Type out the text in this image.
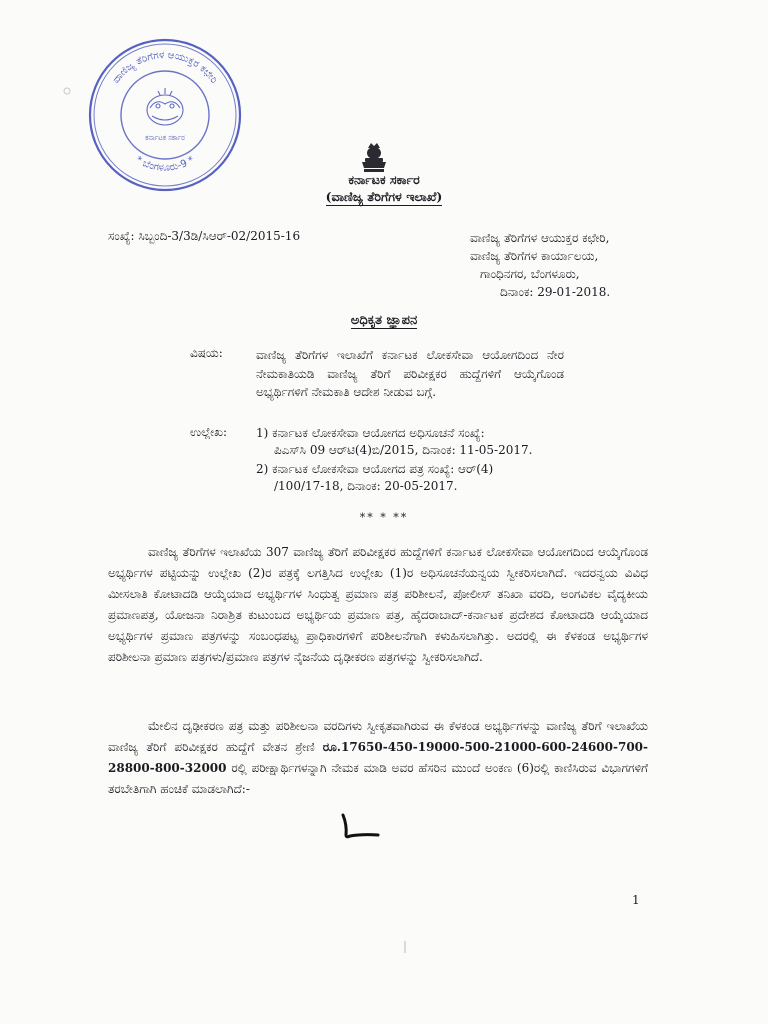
ವಾಣಿಜ್ಯ ತೆರಿಗೆಗಳ ಆಯುಕ್ತರ ಕಛೇರಿ
* ಬೆಂಗಳೂರು-9 *
ಕರ್ನಾಟಕ ಸರ್ಕಾರ
ಕರ್ನಾಟಕ ಸರ್ಕಾರ
(ವಾಣಿಜ್ಯ ತೆರಿಗೆಗಳ ಇಲಾಖೆ)
ಸಂಖ್ಯೆ: ಸಿಬ್ಬಂದಿ-3/3ಡಿ/ಸಿಆರ್-02/2015-16	ವಾಣಿಜ್ಯ ತೆರಿಗೆಗಳ ಆಯುಕ್ತರ ಕಛೇರಿ,
ವಾಣಿಜ್ಯ ತೆರಿಗೆಗಳ ಕಾರ್ಯಾಲಯ,
ಗಾಂಧಿನಗರ, ಬೆಂಗಳೂರು,
ದಿನಾಂಕ: 29-01-2018.
ಅಧಿಕೃತ ಜ್ಞಾಪನ
ವಿಷಯ:	ವಾಣಿಜ್ಯ ತೆರಿಗೆಗಳ ಇಲಾಖೆಗೆ ಕರ್ನಾಟಕ ಲೋಕಸೇವಾ ಆಯೋಗದಿಂದ ನೇರ ನೇಮಕಾತಿಯಡಿ ವಾಣಿಜ್ಯ ತೆರಿಗೆ ಪರಿವೀಕ್ಷಕರ ಹುದ್ದೆಗಳಿಗೆ ಆಯ್ಕೆಗೊಂಡ ಅಭ್ಯರ್ಥಿಗಳಿಗೆ ನೇಮಕಾತಿ ಆದೇಶ ನೀಡುವ ಬಗ್ಗೆ.
ಉಲ್ಲೇಖ: 1) ಕರ್ನಾಟಕ ಲೋಕಸೇವಾ ಆಯೋಗದ ಅಧಿಸೂಚನೆ ಸಂಖ್ಯೆ:
ಪಿಎಸ್‌ಸಿ 09 ಆರ್‌ಟಿ(4)ಬಿ/2015, ದಿನಾಂಕ: 11-05-2017.
2) ಕರ್ನಾಟಕ ಲೋಕಸೇವಾ ಆಯೋಗದ ಪತ್ರ ಸಂಖ್ಯೆ: ಆರ್(4)
/100/17-18, ದಿನಾಂಕ: 20-05-2017.
** * **
ವಾಣಿಜ್ಯ ತೆರಿಗೆಗಳ ಇಲಾಖೆಯ 307 ವಾಣಿಜ್ಯ ತೆರಿಗೆ ಪರಿವೀಕ್ಷಕರ ಹುದ್ದೆಗಳಿಗೆ ಕರ್ನಾಟಕ ಲೋಕಸೇವಾ ಆಯೋಗದಿಂದ ಆಯ್ಕೆಗೊಂಡ ಅಭ್ಯರ್ಥಿಗಳ ಪಟ್ಟಿಯನ್ನು ಉಲ್ಲೇಖ (2)ರ ಪತ್ರಕ್ಕೆ ಲಗತ್ತಿಸಿದ ಉಲ್ಲೇಖ (1)ರ ಅಧಿಸೂಚನೆಯನ್ವಯ ಸ್ವೀಕರಿಸಲಾಗಿದೆ. ಇದರನ್ವಯ ವಿವಿಧ ಮೀಸಲಾತಿ ಕೋಟಾದಡಿ ಆಯ್ಕೆಯಾದ ಅಭ್ಯರ್ಥಿಗಳ ಸಿಂಧುತ್ವ ಪ್ರಮಾಣ ಪತ್ರ ಪರಿಶೀಲನೆ, ಪೋಲೀಸ್ ತನಿಖಾ ವರದಿ, ಅಂಗವಿಕಲ ವೈದ್ಯಕೀಯ ಪ್ರಮಾಣಪತ್ರ, ಯೋಜನಾ ನಿರಾಶ್ರಿತ ಕುಟುಂಬದ ಅಭ್ಯರ್ಥಿಯ ಪ್ರಮಾಣ ಪತ್ರ, ಹೈದರಾಬಾದ್-ಕರ್ನಾಟಕ ಪ್ರದೇಶದ ಕೋಟಾದಡಿ ಆಯ್ಕೆಯಾದ ಅಭ್ಯರ್ಥಿಗಳ ಪ್ರಮಾಣ ಪತ್ರಗಳನ್ನು ಸಂಬಂಧಪಟ್ಟ ಪ್ರಾಧಿಕಾರಗಳಿಗೆ ಪರಿಶೀಲನೆಗಾಗಿ ಕಳುಹಿಸಲಾಗಿತ್ತು. ಅದರಲ್ಲಿ ಈ ಕೆಳಕಂಡ ಅಭ್ಯರ್ಥಿಗಳ ಪರಿಶೀಲನಾ ಪ್ರಮಾಣ ಪತ್ರಗಳು/ಪ್ರಮಾಣ ಪತ್ರಗಳ ನೈಜನೆಯ ದೃಢೀಕರಣ ಪತ್ರಗಳನ್ನು ಸ್ವೀಕರಿಸಲಾಗಿದೆ.
ಮೇಲಿನ ದೃಢೀಕರಣ ಪತ್ರ ಮತ್ತು ಪರಿಶೀಲನಾ ವರದಿಗಳು ಸ್ವೀಕೃತವಾಗಿರುವ ಈ ಕೆಳಕಂಡ ಅಭ್ಯರ್ಥಿಗಳನ್ನು ವಾಣಿಜ್ಯ ತೆರಿಗೆ ಇಲಾಖೆಯ ವಾಣಿಜ್ಯ ತೆರಿಗೆ ಪರಿವೀಕ್ಷಕರ ಹುದ್ದೆಗೆ ವೇತನ ಶ್ರೇಣಿ ರೂ.17650-450-19000-500-21000-600-24600-700-28800-800-32000 ರಲ್ಲಿ ಪರೀಕ್ಷಾರ್ಥಿಗಳನ್ನಾಗಿ ನೇಮಕ ಮಾಡಿ ಅವರ ಹೆಸರಿನ ಮುಂದೆ ಅಂಕಣ (6)ರಲ್ಲಿ ಕಾಣಿಸಿರುವ ವಿಭಾಗಗಳಿಗೆ ತರಬೇತಿಗಾಗಿ ಹಂಚಿಕೆ ಮಾಡಲಾಗಿದೆ:-
1
